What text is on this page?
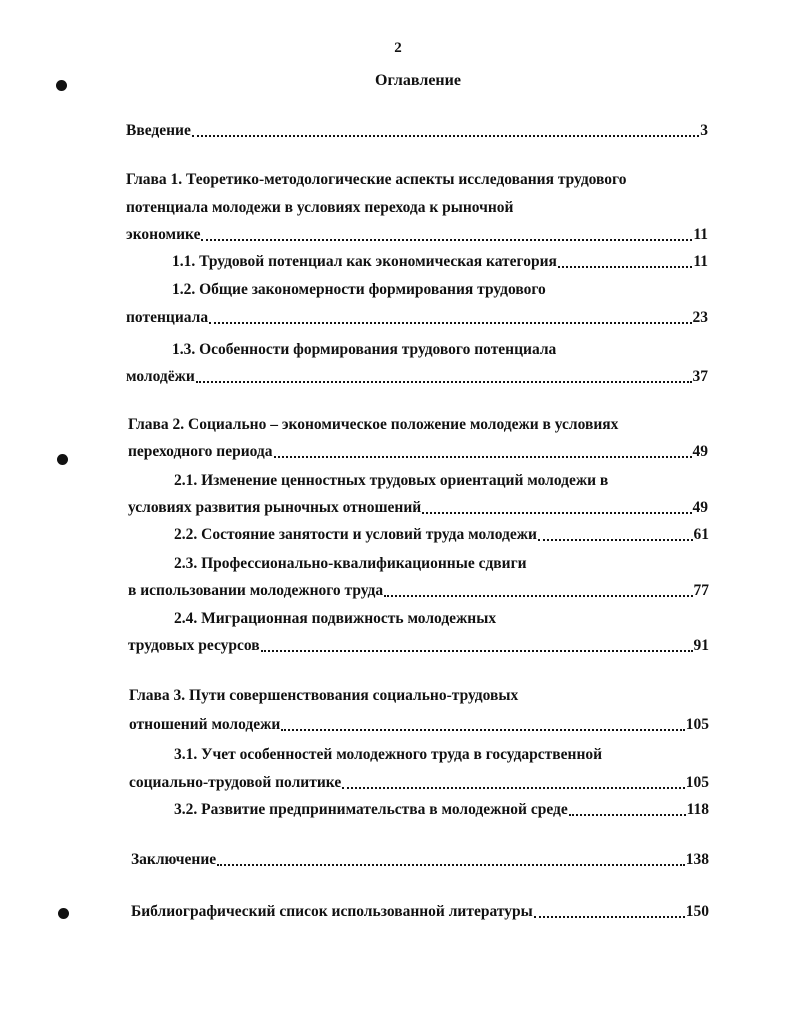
2
Оглавление
Введение	3
Глава 1. Теоретико-методологические аспекты исследования трудового
потенциала молодежи в условиях перехода к рыночной
экономике	11
1.1. Трудовой потенциал как экономическая категория	11
1.2. Общие закономерности формирования трудового
потенциала	23
1.3. Особенности формирования трудового потенциала
молодёжи	37
Глава 2. Социально – экономическое положение молодежи в условиях
переходного периода	49
2.1. Изменение ценностных трудовых ориентаций молодежи в
условиях развития рыночных отношений	49
2.2. Состояние занятости и условий труда молодежи	61
2.3. Профессионально-квалификационные сдвиги
в использовании молодежного труда	77
2.4. Миграционная подвижность молодежных
трудовых ресурсов	91
Глава 3. Пути совершенствования социально-трудовых
отношений молодежи	105
3.1. Учет особенностей молодежного труда в государственной
социально-трудовой политике	105
3.2. Развитие предпринимательства в молодежной среде	118
Заключение	138
Библиографический список использованной литературы	150
